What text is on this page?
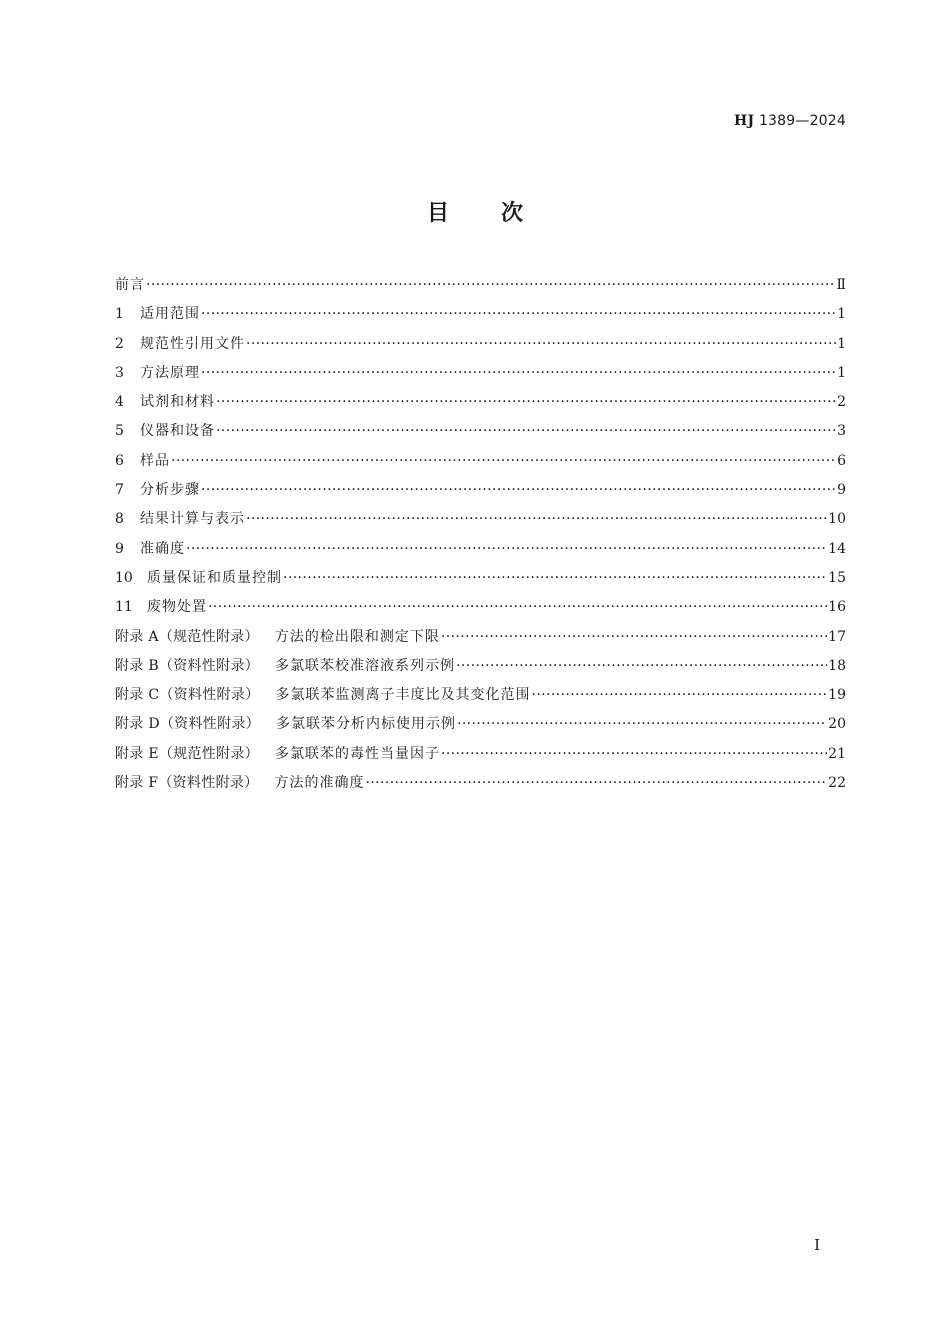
HJ 1389—2024
目 次
前言 ·····	Ⅱ
1	适用范围 ·····	1
2	规范性引用文件 ·····	1
3	方法原理 ·····	1
4	试剂和材料 ·····	2
5	仪器和设备 ·····	3
6	样品 ·····	6
7	分析步骤 ·····	9
8	结果计算与表示 ·····	10
9	准确度 ·····	14
10	质量保证和质量控制 ·····	15
11	废物处置 ·····	16
附录 A（规范性附录） 方法的检出限和测定下限 ·····	17
附录 B（资料性附录） 多氯联苯校准溶液系列示例 ·····	18
附录 C（资料性附录） 多氯联苯监测离子丰度比及其变化范围 ·····	19
附录 D（资料性附录） 多氯联苯分析内标使用示例 ·····	20
附录 E（规范性附录） 多氯联苯的毒性当量因子 ·····	21
附录 F（资料性附录） 方法的准确度 ·····	22
I
